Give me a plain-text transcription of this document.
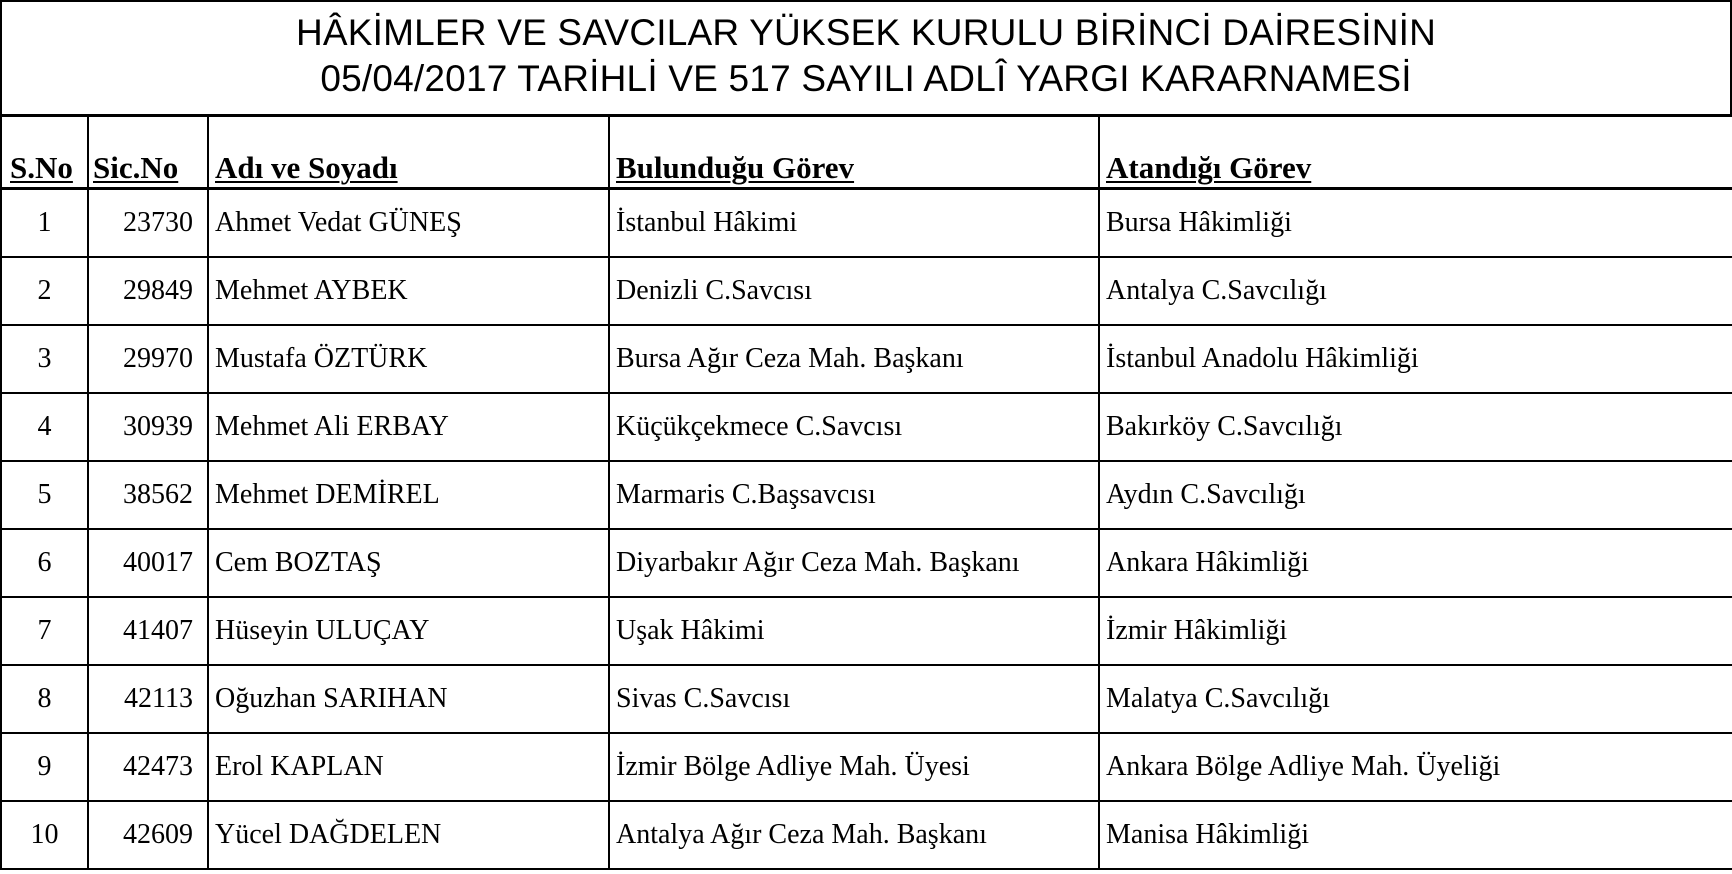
HÂKİMLER VE SAVCILAR YÜKSEK KURULU BİRİNCİ DAİRESİNİN
05/04/2017 TARİHLİ VE 517 SAYILI ADLÎ YARGI KARARNAMESİ
S.No	Sic.No	Adı ve Soyadı	Bulunduğu Görev	Atandığı Görev
1	23730	Ahmet Vedat GÜNEŞ	İstanbul Hâkimi	Bursa Hâkimliği
2	29849	Mehmet AYBEK	Denizli C.Savcısı	Antalya C.Savcılığı
3	29970	Mustafa ÖZTÜRK	Bursa Ağır Ceza Mah. Başkanı	İstanbul Anadolu Hâkimliği
4	30939	Mehmet Ali ERBAY	Küçükçekmece C.Savcısı	Bakırköy C.Savcılığı
5	38562	Mehmet DEMİREL	Marmaris C.Başsavcısı	Aydın C.Savcılığı
6	40017	Cem BOZTAŞ	Diyarbakır Ağır Ceza Mah. Başkanı	Ankara Hâkimliği
7	41407	Hüseyin ULUÇAY	Uşak Hâkimi	İzmir Hâkimliği
8	42113	Oğuzhan SARIHAN	Sivas C.Savcısı	Malatya C.Savcılığı
9	42473	Erol KAPLAN	İzmir Bölge Adliye Mah. Üyesi	Ankara Bölge Adliye Mah. Üyeliği
10	42609	Yücel DAĞDELEN	Antalya Ağır Ceza Mah. Başkanı	Manisa Hâkimliği
